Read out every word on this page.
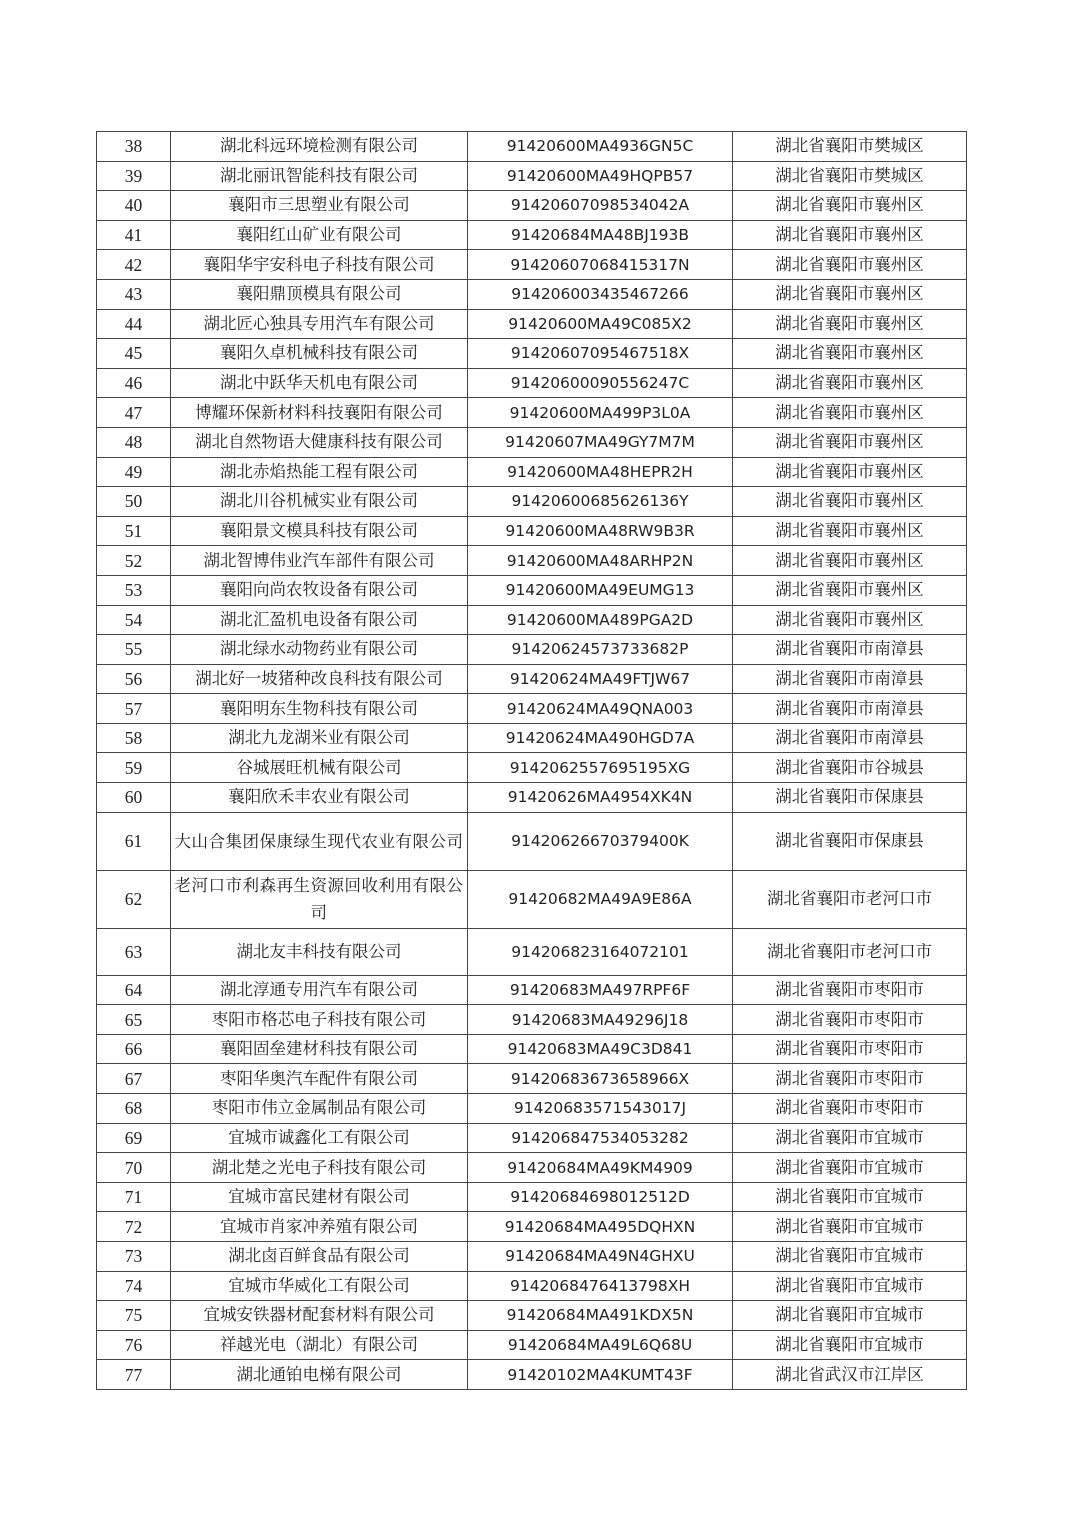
38	湖北科远环境检测有限公司	91420600MA4936GN5C	湖北省襄阳市樊城区
39	湖北丽讯智能科技有限公司	91420600MA49HQPB57	湖北省襄阳市樊城区
40	襄阳市三思塑业有限公司	91420607098534042A	湖北省襄阳市襄州区
41	襄阳红山矿业有限公司	91420684MA48BJ193B	湖北省襄阳市襄州区
42	襄阳华宇安科电子科技有限公司	91420607068415317N	湖北省襄阳市襄州区
43	襄阳鼎顶模具有限公司	914206003435467266	湖北省襄阳市襄州区
44	湖北匠心独具专用汽车有限公司	91420600MA49C085X2	湖北省襄阳市襄州区
45	襄阳久卓机械科技有限公司	91420607095467518X	湖北省襄阳市襄州区
46	湖北中跃华天机电有限公司	91420600090556247C	湖北省襄阳市襄州区
47	博耀环保新材料科技襄阳有限公司	91420600MA499P3L0A	湖北省襄阳市襄州区
48	湖北自然物语大健康科技有限公司	91420607MA49GY7M7M	湖北省襄阳市襄州区
49	湖北赤焰热能工程有限公司	91420600MA48HEPR2H	湖北省襄阳市襄州区
50	湖北川谷机械实业有限公司	91420600685626136Y	湖北省襄阳市襄州区
51	襄阳景文模具科技有限公司	91420600MA48RW9B3R	湖北省襄阳市襄州区
52	湖北智博伟业汽车部件有限公司	91420600MA48ARHP2N	湖北省襄阳市襄州区
53	襄阳向尚农牧设备有限公司	91420600MA49EUMG13	湖北省襄阳市襄州区
54	湖北汇盈机电设备有限公司	91420600MA489PGA2D	湖北省襄阳市襄州区
55	湖北绿水动物药业有限公司	91420624573733682P	湖北省襄阳市南漳县
56	湖北好一坡猪种改良科技有限公司	91420624MA49FTJW67	湖北省襄阳市南漳县
57	襄阳明东生物科技有限公司	91420624MA49QNA003	湖北省襄阳市南漳县
58	湖北九龙湖米业有限公司	91420624MA490HGD7A	湖北省襄阳市南漳县
59	谷城展旺机械有限公司	9142062557695195XG	湖北省襄阳市谷城县
60	襄阳欣禾丰农业有限公司	91420626MA4954XK4N	湖北省襄阳市保康县
61	大山合集团保康绿生现代农业有限公司	91420626670379400K	湖北省襄阳市保康县
62	老河口市利森再生资源回收利用有限公司	91420682MA49A9E86A	湖北省襄阳市老河口市
63	湖北友丰科技有限公司	914206823164072101	湖北省襄阳市老河口市
64	湖北淳通专用汽车有限公司	91420683MA497RPF6F	湖北省襄阳市枣阳市
65	枣阳市格芯电子科技有限公司	91420683MA49296J18	湖北省襄阳市枣阳市
66	襄阳固垒建材科技有限公司	91420683MA49C3D841	湖北省襄阳市枣阳市
67	枣阳华奥汽车配件有限公司	91420683673658966X	湖北省襄阳市枣阳市
68	枣阳市伟立金属制品有限公司	91420683571543017J	湖北省襄阳市枣阳市
69	宜城市诚鑫化工有限公司	914206847534053282	湖北省襄阳市宜城市
70	湖北楚之光电子科技有限公司	91420684MA49KM4909	湖北省襄阳市宜城市
71	宜城市富民建材有限公司	91420684698012512D	湖北省襄阳市宜城市
72	宜城市肖家冲养殖有限公司	91420684MA495DQHXN	湖北省襄阳市宜城市
73	湖北卤百鲜食品有限公司	91420684MA49N4GHXU	湖北省襄阳市宜城市
74	宜城市华威化工有限公司	9142068476413798XH	湖北省襄阳市宜城市
75	宜城安铁器材配套材料有限公司	91420684MA491KDX5N	湖北省襄阳市宜城市
76	祥越光电（湖北）有限公司	91420684MA49L6Q68U	湖北省襄阳市宜城市
77	湖北通铂电梯有限公司	91420102MA4KUMT43F	湖北省武汉市江岸区
